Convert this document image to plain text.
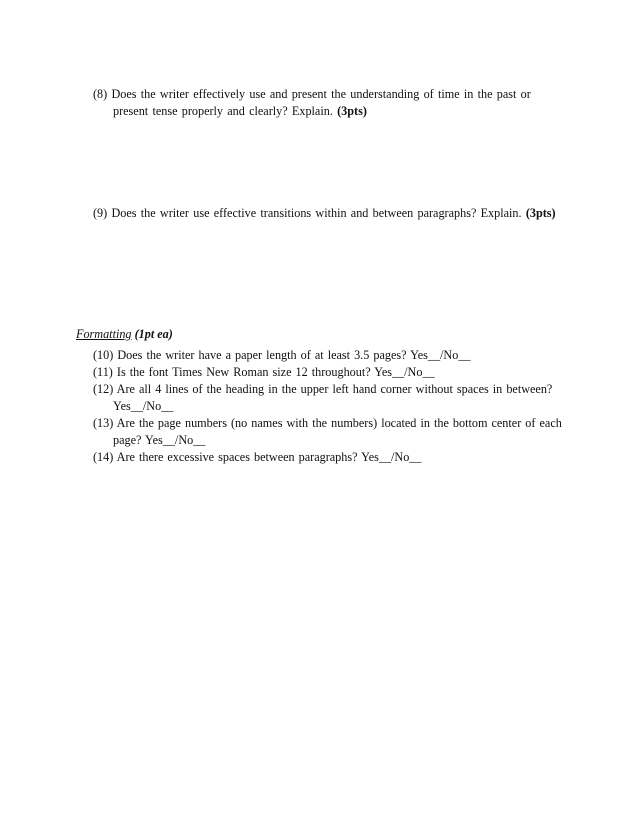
(8) Does the writer effectively use and present the understanding of time in the past or
present tense properly and clearly? Explain. (3pts)
(9) Does the writer use effective transitions within and between paragraphs? Explain. (3pts)
Formatting (1pt ea)
(10) Does the writer have a paper length of at least 3.5 pages? Yes__/No__
(11) Is the font Times New Roman size 12 throughout? Yes__/No__
(12) Are all 4 lines of the heading in the upper left hand corner without spaces in between?
Yes__/No__
(13) Are the page numbers (no names with the numbers) located in the bottom center of each
page? Yes__/No__
(14) Are there excessive spaces between paragraphs? Yes__/No__
